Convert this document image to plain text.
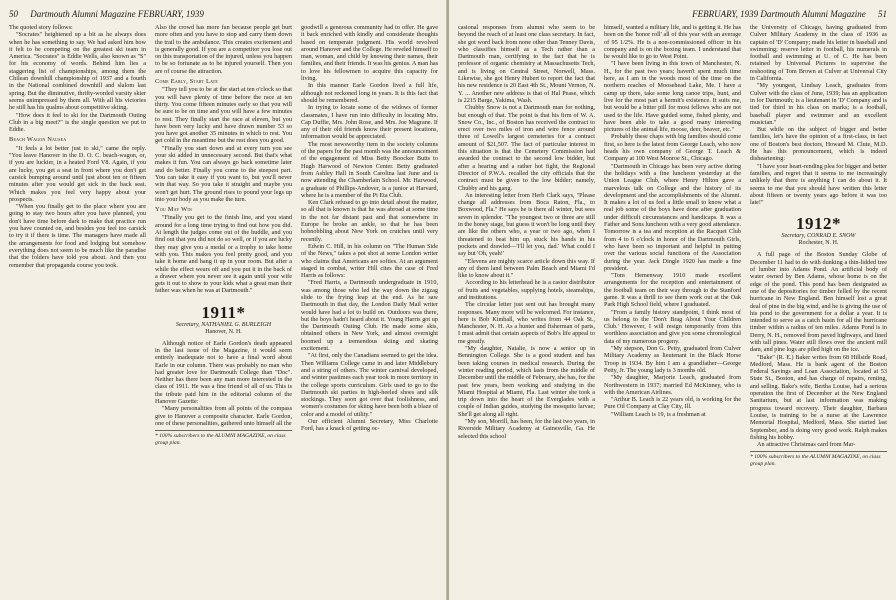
50 Dartmouth Alumni Magazine FEBRUARY, 1939

The quoted story follows:

"Socrates" heightened up a bit as he always does when he has something to say. We had asked him how it felt to be competing on the greatest ski team in America. "Socrates" is Eddie Wells, also known as "S" for his economy of words. Behind him lies a staggering list of championships, among them the Chilean downhill championship of 1937 and a fourth in the National combined downhill and slalom last spring. But the diminutive, thrifty-worded varsity skier seems unimpressed by them all. With all his victories he still has his qualms about competitive skiing.

"How does it feel to ski for the Dartmouth Outing Club in a big meet?" is the single question we put to Eddie.

Beach Wagon Nausea

"It feels a lot better just to ski," came the reply. "You leave Hanover in the D. O. C. beach-wagon, or, if you are luckier, in a heated Ford V8. Again, if you are lucky, you get a seat in front where you don't get carsick bumping around until just about ten or fifteen minutes after you would get sick in the back seat. Which makes you feel very happy about your prospects.

"When you finally get to the place where you are going to stay two hours after you have planned, you don't have time before dark to make that practice run you have counted on, and besides you feel too carsick to try it if there is time. The managers have made all the arrangements for food and lodging but somehow everything does not seem to be much like the paradise that the folders have told you about. And then you remember that propaganda course you took.

Also the crowd has more fun because people get hurt more often and you have to stop and carry them down the trail to the ambulance. This creates excitement and is generally good. If you are a competitor you lose out on this transportation of the injured, unless you happen to be so fortunate as to be injured yourself. Then you are of course the attraction.

Come Early, Start Late

"They tell you to be at the start at ten o'clock so that you will have plenty of time before the race at ten thirty. You come fifteen minutes early so that you will be sure to be on time and you will have a few minutes to rest. They finally start the race at eleven, but you have been very lucky and have drawn number 53 so you have got another 35 minutes in which to rest. You get cold in the meantime but the rest does you good.

"Finally you start down and at every turn you see your ski added in unnecessary second. But that's what makes it fun. You can always go back sometime later and do better. Finally you come to the steepest part. You can take it easy if you want to, but you'll never win that way. So you take it straight and maybe you won't get hurt. The ground rises to pound your legs up into your body as you make the turn.

You May Win

"Finally you get to the finish line, and you stand around for a long time trying to find out how you did. At length the judges come out of the huddle, and you find out that you did not do so well, or if you are lucky they may give you a medal or a trophy to take home with you. This makes you feel pretty good, and you take it home and hang it up in your room. But after a while the effect wears off and you put it in the back of a drawer where you never see it again until your wife gets it out to show to your kids what a great man their father was when he was at Dartmouth."

1911*
Secretary, NATHANIEL G. BURLEIGH
Hanover, N. H.

Although notice of Earle Gordon's death appeared in the last issue of the Magazine, it would seem entirely inadequate not to have a final word about Earle in our column. There was probably no man who had greater love for Dartmouth College than "Doc". Neither has there been any man more interested in the class of 1911. He was a fine friend of all of us. This is the tribute paid him in the editorial column of the Hanover Gazette:

"Many personalities from all points of the compass give to Hanover a composite character. Earle Gordon, one of these personalities, gathered unto himself all the

* 100% subscribers to the ALUMNI MAGAZINE, on class group plan.

goodwill a generous community had to offer. He gave it back enriched with kindly and considerate thoughts based on temperate judgment. His world revolved around Hanover and the College. He reveled himself to man, woman, and child by knowing their names, their families, and their friends. It was his genius. A man has to love his fellowmen to acquire this capacity for living.

In this manner Earle Gordon lived a full life, although not reckoned long in years. It is this fact that should be remembered.

In trying to locate some of the widows of former classmates, I have run into difficulty in locating Mrs. Cap Duffie, Mrs. John Rose, and Mrs. Joe Magrane. If any of their old friends know their present locations, information would be appreciated.

The most newsworthy item in the society columns of the papers for the past month was the announcement of the engagement of Miss Betty Boocker Butts to Hugh Harwood of Newton Center. Betty graduated from Ashley Hall in South Carolina last June and is now attending the Chamberlain School. Mr. Harwood, a graduate of Phillips-Andover, is a junior at Harvard, where he is a member of the Pi Eta Club.

Ken Clark refused to go into detail about the matter, so all that is known is that he was abroad at some time in the not far distant past and that somewhere in Europe he broke an ankle, so that he has been hobnobbling about New York on crutches until very recently.

Edwin C. Hill, in his column on "The Human Side of the News," takes a pot shot at some London writer who claims that Americans are softies. At an argument staged in combat, writer Hill cites the case of Fred Harris as follows:

"Fred Harris, a Dartmouth undergraduate in 1910, was among those who led the way down the zigzag slide to the frying leap at the end. As he saw Dartmouth in that day, the London Daily Mail writer would have had a lot to build on. Outdoors was there, but the boys hadn't heard about it. Young Harris got up the Dartmouth Outing Club. He made some skis, obtained others in New York, and almost overnight boomed up a tremendous skiing and skating excitement.

"At first, only the Canadians seemed to get the idea. Then Williams College came in and later Middlebury and a string of others. The winter carnival developed, and winter pastimes each year took in more territory in the college sports curriculum. Girls used to go to the Dartmouth ski parties in high-heeled shoes and silk stockings. They soon got over that foolishness, and women's costumes for skiing have been both a blaze of color and a model of utility."

Our efficient Alumni Secretary, Miss Charlotte Ford, has a knack of getting oc-

FEBRUARY, 1939 Dartmouth Alumni Magazine 51

casional responses from alumni who seem to be beyond the reach of at least one class secretary. In fact, she got word back from none other than Tenney Davis, who classifies himself as a Tech rather than a Dartmouth man, certifying to the fact that he is professor of organic chemistry at Massachusetts Tech, and is living on Central Street, Norwell, Mass. Likewise, she got Henry Hubert to report the fact that his new residence is 20 East 4th St., Mount Vernon, N. Y. ... Another new address is that of Hal Pease, which is 2215 Barge, Yakima, Wash.

Chubby Snow is not a Dartmouth man for nothing, but enough of that. The point is that his firm of W. A. Snow Co., Inc., of Boston has received the contract to erect over two miles of iron and wire fence around three of Lowell's largest cemeteries for a contract amount of $21,507. The fact of particular interest in this situation is that the Cemetery Commission had awarded the contract to the second low bidder, but after a hearing and a rather hot fight, the Regional Director of P.W.A. recalled the city officials that the contract must be given to the low bidder; namely, Chubby and his gang.

An interesting letter from Herb Clark says, "Please change all addresses from Boca Raton, Fla., to Boxwood, Fla." He says he is there all winter, but sees seven in splendor. "The youngest two or three are still in the honey stage, but guess it won't be long until they are like the others who, a year or two ago, when I threatened to beat him up, stuck his hands in his pockets and drawled—'I'll let you, dad.' What could I say but 'Oh, yeah!'

"Elevens are mighty scarce article down this way. If any of them land between Palm Beach and Miami I'd like to know about it."

According to his letterhead he is a castor distributor of fruits and vegetables, supplying hotels, steamships, and institutions.

The circular letter just sent out has brought many responses. Many more will be welcomed. For instance, here is Bob Kimball, who writes from 44 Oak St., Manchester, N. H. As a hunter and fisherman of parts, I must admit that certain aspects of Bob's life appeal to me greatly.

"My daughter, Natalie, is now a senior up in Bennington College. She is a good student and has been taking courses in medical research. During the winter reading period, which lasts from the middle of December until the middle of February, she has, for the past few years, been working and studying in the Miami Hospital at Miami, Fla. Last winter she took a trip down into the heart of the Everglades with a couple of Indian guides, studying the mosquito larvae; She'll get along all right.

"My son, Morrill, has been, for the last two years, in Riverside Military Academy at Gainesville, Ga. He selected this school

himself, wanted a military life, and is getting it. He has been on the 'honor roll' all of this year with an average of 95 1/2%. He is a non-commissioned officer in his company and is on the boxing team. I understand that he would like to go to West Point.

"I have been living in this town of Manchester, N. H., for the past two years; haven't spent much time here, as I am in the woods most of the time on the northern reaches of Moosehead Lake, Me. I have a camp up there, take some long canoe trips, hunt, and live for the most part a hermit's existence. It suits me, but would be a bitter pill for most fellows who are not used to the life. Have guided some, fished plenty, and have been able to take a good many interesting pictures of the animal life, moose, deer, beaver, etc."

Probably these chaps with big families should come first, so here is the latest from George Leach, who now heads his own company of George T. Leach & Company at 100 West Monroe St., Chicago.

"Dartmouth in Chicago has been very active during the holidays with a fine luncheon yesterday at the Union League Club, where Henry Hilton gave a marvelous talk on College and the history of its development and the accomplishments of the Alumni. It makes a lot of us feel a little small to know what a real job some of the boys have done after graduation under difficult circumstances and handicaps. It was a Father and Sons luncheon with a very good attendance. Tomorrow is a tea and reception at the Racquet Club from 4 to 6 o'clock in honor of the Dartmouth Girls, who have been so important and helpful in putting over the various social functions of the Association during the year. Jack Dingle 1920 has made a fine president.

"Tom Hemenway 1910 made excellent arrangements for the reception and entertainment of the football team on their way through to the Stanford game. It was a thrill to see them work out at the Oak Park High School field, where I graduated.

"From a family history standpoint, I think most of us belong to the 'Don't Brag About Your Children Club.' However, I will resign temporarily from this worthless association and give you some chronological data of my numerous progeny.

"My stepson, Don G. Petty, graduated from Culver Military Academy as lieutenant in the Black Horse Troop in 1934. By him I am a grandfather—George Petty, Jr. The young lady is 3 months old.

"My daughter, Marjorie Leach, graduated from Northwestern in 1937; married Ed McKinney, who is with the American Airlines.

"Arthur B. Leach is 22 years old, is working for the Pure Oil Company at Clay City, Ill.

"William Leach is 19, is a freshman at

the University of Chicago, having graduated from Culver Military Academy in the class of 1936 as captain of 'D' Company; made his letter in baseball and swimming; reserve letter in football, his numerals in football and swimming at U. of C. He has been retained by Universal Pictures to supervise the reshooting of Tom Brown at Culver at Universal City in California.

"My youngest, Lindsay Leach, graduates from Culver with the class of June, 1939; has an application in for Dartmouth; is a lieutenant in 'D' Company and is tied for third in his class on marks; is a football, baseball player and swimmer and an excellent musician."

But while on the subject of bigger and better families, let's have the opinion of a first-class, in fact one of Boston's best doctors, Howard M. Clute, M.D. He has this pronouncement, which is indeed disheartening:

"I have your heart-rending plea for bigger and better families, and regret that it seems to me increasingly unlikely that there is anything I can do about it. It seems to me that you should have written this letter about fifteen or twenty years ago before it was too late!"

1912*
Secretary, CONRAD E. SNOW
Rochester, N. H.

A full page of the Boston Sunday Globe of December 11 had to do with dunking a thin-lidded tree of lumber into Adams Pond. An artificial body of water owned by Ben Adams, whose home is on the edge of the pond. This pond has been designated as one of the depositories for timber felled by the recent hurricane in New England. Ben himself lost a great deal of pine in the big wind, and he is giving the use of his pond to the government for a dollar a year. It is intended to serve as a catch basin for all the hurricane timber within a radius of ten miles. Adams Pond is in Derry, N. H., removed from paved highways, and lined with tall pines. Water still flows over the ancient mill dam, and pine logs are piled high on the ice.

"Bake" (R. E.) Baker writes from 68 Hillside Road, Medford, Mass. He is bank agent of the Boston Federal Savings and Loan Association, located at 53 State St., Boston, and has charge of repairs, renting, and selling. Bake's wife, Bertha Louise, had a serious operation the first of December at the New England Sanitarium, but at last information was making progress toward recovery. Their daughter, Barbara Louise, is training to be a nurse at the Lawrence Memorial Hospital, Medford, Mass. She started last September, and is doing very good work. Ralph makes fishing his hobby.

An attractive Christmas card from Mar-

* 100% subscribers to the ALUMNI MAGAZINE, on class group plan.
